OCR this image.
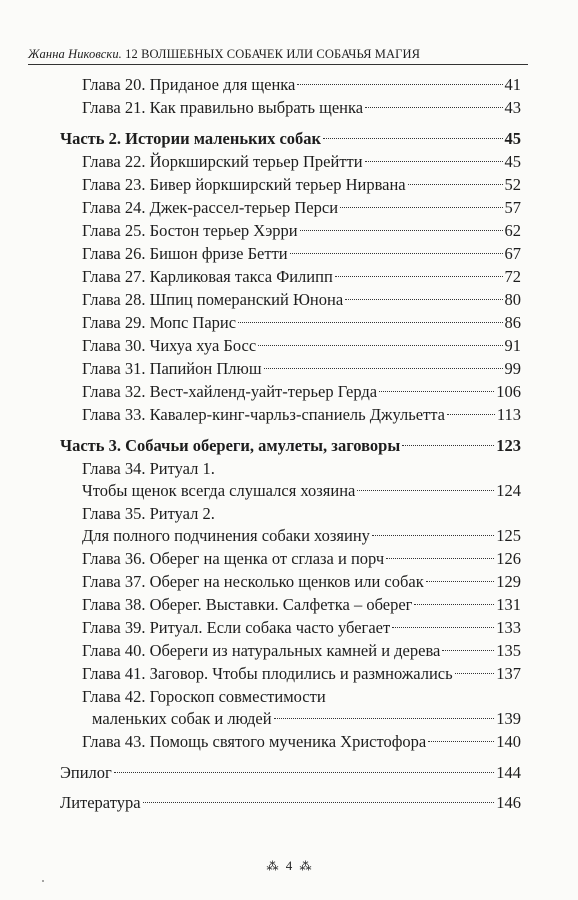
Жанна Никовски. 12 ВОЛШЕБНЫХ СОБАЧЕК ИЛИ СОБАЧЬЯ МАГИЯ
Глава 20. Приданое для щенка	41
Глава 21. Как правильно выбрать щенка	43
Часть 2. Истории маленьких собак	45
Глава 22. Йоркширский терьер Прейтти	45
Глава 23. Бивер йоркширский терьер Нирвана	52
Глава 24. Джек-рассел-терьер Перси	57
Глава 25. Бостон терьер Хэрри	62
Глава 26. Бишон фризе Бетти	67
Глава 27. Карликовая такса Филипп	72
Глава 28. Шпиц померанский Юнона	80
Глава 29. Мопс Парис	86
Глава 30. Чихуа хуа Босс	91
Глава 31. Папийон Плюш	99
Глава 32. Вест-хайленд-уайт-терьер Герда	106
Глава 33. Кавалер-кинг-чарльз-спаниель Джульетта	113
Часть 3. Собачьи обереги, амулеты, заговоры	123
Глава 34. Ритуал 1.
Чтобы щенок всегда слушался хозяина	124
Глава 35. Ритуал 2.
Для полного подчинения собаки хозяину	125
Глава 36. Оберег на щенка от сглаза и порч	126
Глава 37. Оберег на несколько щенков или собак	129
Глава 38. Оберег. Выставки. Салфетка – оберег	131
Глава 39. Ритуал. Если собака часто убегает	133
Глава 40. Обереги из натуральных камней и дерева	135
Глава 41. Заговор. Чтобы плодились и размножались	137
Глава 42. Гороскоп совместимости
маленьких собак и людей	139
Глава 43. Помощь святого мученика Христофора	140
Эпилог	144
Литература	146
⁂ 4 ⁂
